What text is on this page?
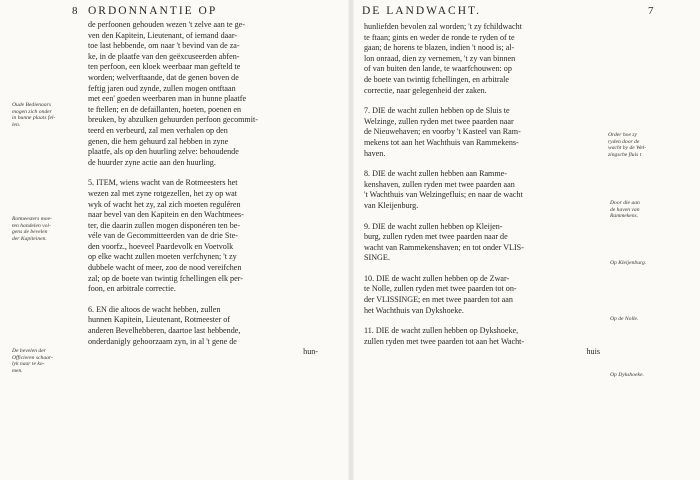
8 ORDONNANTIE OP	DE LANDWACHT.	7
de perfoonen gehouden wezen 't zelve aan te ge-
ven den Kapitein, Lieutenant, of iemand daar-
toe last hebbende, om naar 't bevind van de za-
ke, in de plaatfe van den geëxcuseerden abfen-
ten perfoon, een kloek weerbaar man gefteld te
worden; welverftaande, dat de genen boven de
feftig jaren oud zynde, zullen mogen ontftaan
met een' goeden weerbaren man in hunne plaatfe
te ftellen; en de defaillanten, hoeten, poenen en
breuken, by abzulken gehuurden perfoon gecommit-
teerd en verbeurd, zal men verhalen op den
genen, die hem gehuurd zal hebben in zyne
plaatfe, als op den huurling zelve: behoudende
de huurder zyne actie aan den huurling.
5. ITEM, wiens wacht van de Rotmeesters het
wezen zal met zyne rotgezellen, het zy op wat
wyk of wacht het zy, zal zich moeten reguléren
naar bevel van den Kapitein en den Wachtmees-
ter, die daarin zullen mogen disponéren ten be-
véle van de Gecommitteerden van de drie Ste-
den voorfz., hoeveel Paardevolk en Voetvolk
op elke wacht zullen moeten verfchynen; 't zy
dubbele wacht of meer, zoo de nood vereifchen
zal; op de boete van twintig fchellingen elk per-
foon, en arbitrale correctie.
6. EN die altoos de wacht hebben, zullen
hunnen Kapitein, Lieutenant, Rotmeester of
anderen Bevelhebberen, daartoe last hebbende,
onderdanigly gehoorzaam zyn, in al 't gene de
hun-
Oude Bedienaars
mogen zich onder
in bunne plaats fel-
len.
Rotmeesters moe-
ten handelen vol-
gens de bevelen
der Kapiteinen.
De bevelen der
Officieren schaar-
lyk naar te ko-
men.
hunliefden bevolen zal worden; 't zy fchildwacht
te ftaan; gints en weder de ronde te ryden of te
gaan; de horens te blazen, indien 't nood is; al-
lon onraad, dien zy vernemen, 't zy van binnen
of van buiten den lande, te waarfchouwen: op
de boete van twintig fchellingen, en arbitrale
correctie, naar gelegenheid der zaken.
7. DIE de wacht zullen hebben op de Sluis te
Welzinge, zullen ryden met twee paarden naar
de Nieuwehaven; en voorby 't Kasteel van Ram-
mekens tot aan het Wachthuis van Rammekens-
haven.
8. DIE de wacht zullen hebben aan Ramme-
kenshaven, zullen ryden met twee paarden aan
't Wachthuis van Welzingefluis; en naar de wacht
van Kleijenburg.
9. DIE de wacht zullen hebben op Kleijen-
burg, zullen ryden met twee paarden naar de
wacht van Rammekenshaven; en tot onder VLIS-
SINGE.
10. DIE de wacht zullen hebben op de Zwar-
te Nolle, zullen ryden met twee paarden tot on-
der VLISSINGE; en met twee paarden tot aan
het Wachthuis van Dykshoeke.
11. DIE de wacht zullen hebben op Dykshoeke,
zullen ryden met twee paarden tot aan het Wacht-
huis
Order hoe zy
ryden door de
wacht by de Wel-
zingsche fluis t
Door die aan
de haven van
Rammekens.
Op Kleijenburg.
Op de Nolle.
Op Dykshoeke.
